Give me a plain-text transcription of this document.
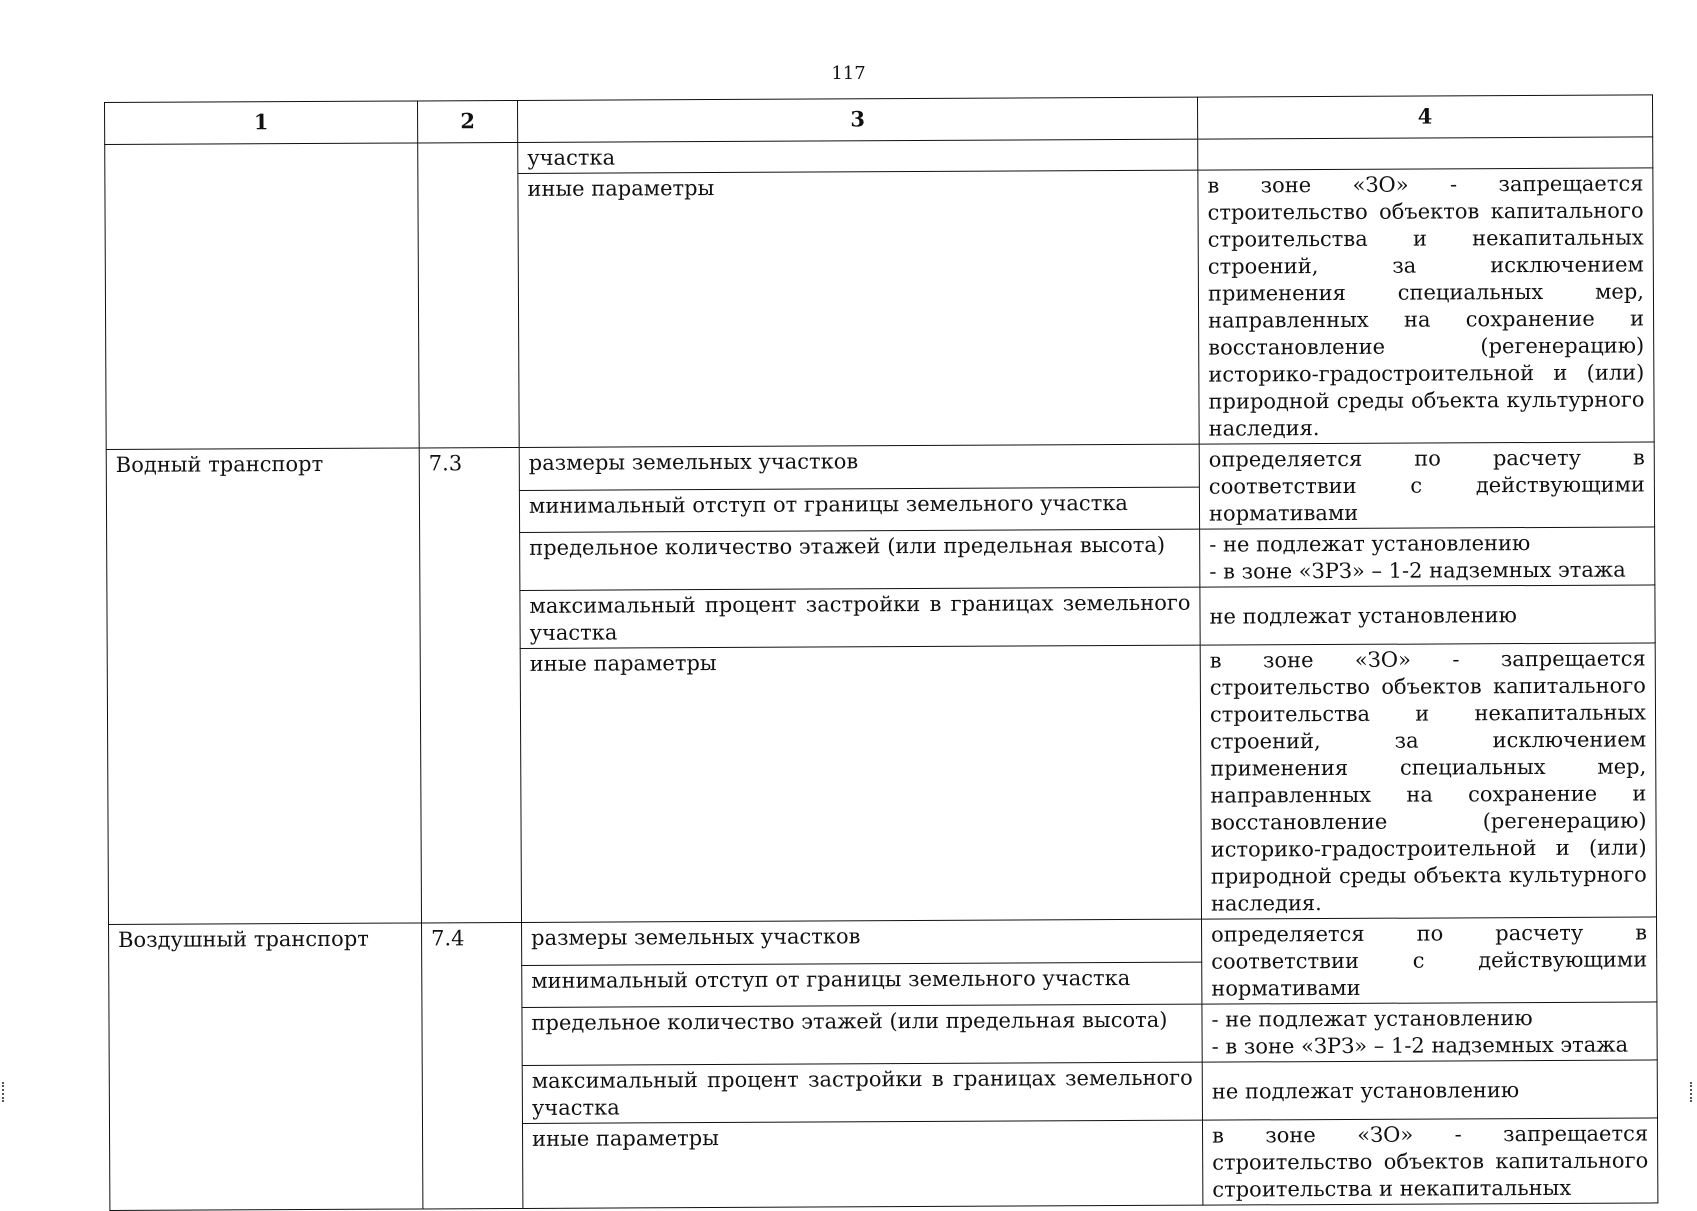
117
1	2	3	4
		участка	
		иные параметры	в зоне «ЗО» - запрещается строительство объектов капитального строительства и некапитальных строений, за исключением применения специальных мер, направленных на сохранение и восстановление (регенерацию) историко-градостроительной и (или) природной среды объекта культурного наследия.
Водный транспорт	7.3	размеры земельных участков	определяется по расчету в соответствии с действующими нормативами
		минимальный отступ от границы земельного участка	
		предельное количество этажей (или предельная высота)	- не подлежат установлению
- в зоне «ЗРЗ» – 1-2 надземных этажа

		максимальный процент застройки в границах земельного участка	не подлежат установлению
		иные параметры	в зоне «ЗО» - запрещается строительство объектов капитального строительства и некапитальных строений, за исключением применения специальных мер, направленных на сохранение и восстановление (регенерацию) историко-градостроительной и (или) природной среды объекта культурного наследия.
Воздушный транспорт	7.4	размеры земельных участков	определяется по расчету в соответствии с действующими нормативами
		минимальный отступ от границы земельного участка	
		предельное количество этажей (или предельная высота)	- не подлежат установлению
- в зоне «ЗРЗ» – 1-2 надземных этажа

		максимальный процент застройки в границах земельного участка	не подлежат установлению
		иные параметры	в зоне «ЗО» - запрещается строительство объектов капитального строительства и некапитальных
